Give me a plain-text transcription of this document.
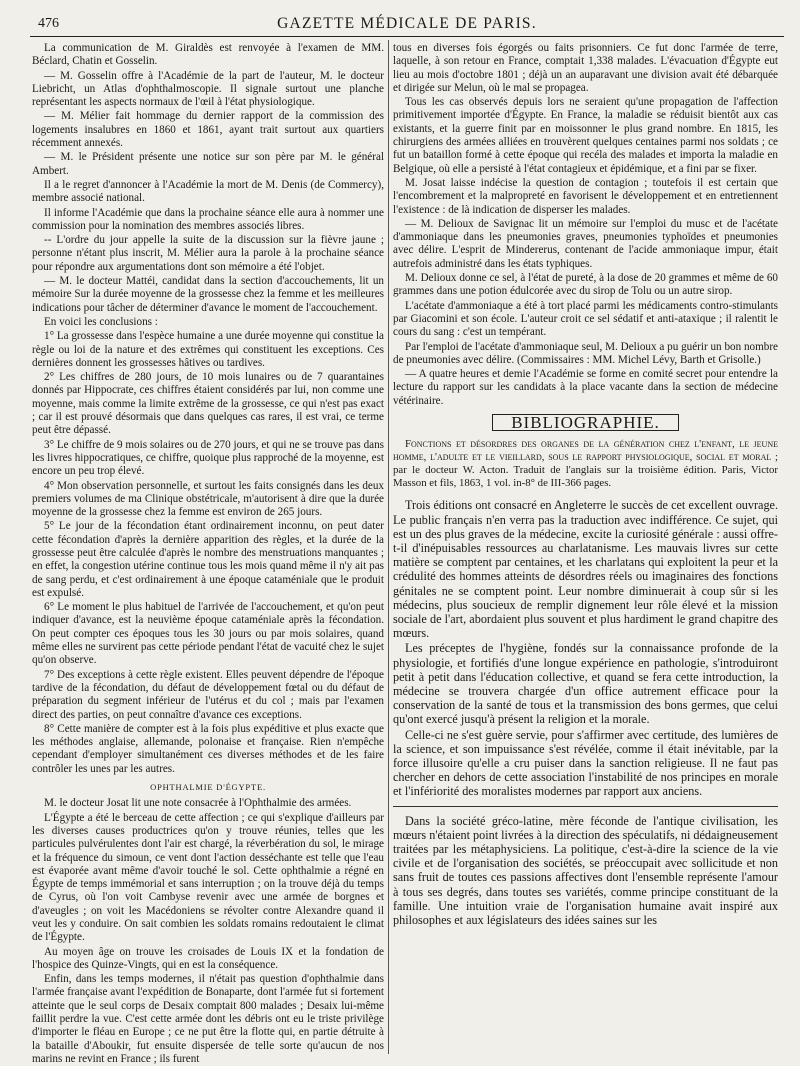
476	GAZETTE MÉDICALE DE PARIS.

La communication de M. Giraldès est renvoyée à l'examen de MM. Béclard, Chatin et Gosselin.

— M. Gosselin offre à l'Académie de la part de l'auteur, M. le docteur Liebricht, un Atlas d'ophthalmoscopie. Il signale surtout une planche représentant les aspects normaux de l'œil à l'état physiologique.

— M. Mélier fait hommage du dernier rapport de la commission des logements insalubres en 1860 et 1861, ayant trait surtout aux quartiers récemment annexés.

— M. le Président présente une notice sur son père par M. le général Ambert.

Il a le regret d'annoncer à l'Académie la mort de M. Denis (de Commercy), membre associé national.

Il informe l'Académie que dans la prochaine séance elle aura à nommer une commission pour la nomination des membres associés libres.

-- L'ordre du jour appelle la suite de la discussion sur la fièvre jaune ; personne n'étant plus inscrit, M. Mélier aura la parole à la prochaine séance pour répondre aux argumentations dont son mémoire a été l'objet.

— M. le docteur Mattéi, candidat dans la section d'accouchements, lit un mémoire Sur la durée moyenne de la grossesse chez la femme et les meilleures indications pour tâcher de déterminer d'avance le moment de l'accouchement.

En voici les conclusions :

1° La grossesse dans l'espèce humaine a une durée moyenne qui constitue la règle ou loi de la nature et des extrêmes qui constituent les exceptions. Ces dernières donnent les grossesses hâtives ou tardives.

2° Les chiffres de 280 jours, de 10 mois lunaires ou de 7 quarantaines donnés par Hippocrate, ces chiffres étaient considérés par lui, non comme une moyenne, mais comme la limite extrême de la grossesse, ce qui n'est pas exact ; car il est prouvé désormais que dans quelques cas rares, il est vrai, ce terme peut être dépassé.

3° Le chiffre de 9 mois solaires ou de 270 jours, et qui ne se trouve pas dans les livres hippocratiques, ce chiffre, quoique plus rapproché de la moyenne, est encore un peu trop élevé.

4° Mon observation personnelle, et surtout les faits consignés dans les deux premiers volumes de ma Clinique obstétricale, m'autorisent à dire que la durée moyenne de la grossesse chez la femme est environ de 265 jours.

5° Le jour de la fécondation étant ordinairement inconnu, on peut dater cette fécondation d'après la dernière apparition des règles, et la durée de la grossesse peut être calculée d'après le nombre des menstruations manquantes ; en effet, la congestion utérine continue tous les mois quand même il n'y ait pas de sang perdu, et c'est ordinairement à une époque cataméniale que le produit est expulsé.

6° Le moment le plus habituel de l'arrivée de l'accouchement, et qu'on peut indiquer d'avance, est la neuvième époque cataméniale après la fécondation. On peut compter ces époques tous les 30 jours ou par mois solaires, quand même elles ne survirent pas cette période pendant l'état de vacuité chez le sujet qu'on observe.

7° Des exceptions à cette règle existent. Elles peuvent dépendre de l'époque tardive de la fécondation, du défaut de développement fœtal ou du défaut de préparation du segment inférieur de l'utérus et du col ; mais par l'examen direct des parties, on peut connaître d'avance ces exceptions.

8° Cette manière de compter est à la fois plus expéditive et plus exacte que les méthodes anglaise, allemande, polonaise et française. Rien n'empêche cependant d'employer simultanément ces diverses méthodes et de les faire contrôler les unes par les autres.

OPHTHALMIE D'ÉGYPTE.

M. le docteur Josat lit une note consacrée à l'Ophthalmie des armées.

L'Égypte a été le berceau de cette affection ; ce qui s'explique d'ailleurs par les diverses causes productrices qu'on y trouve réunies, telles que les particules pulvérulentes dont l'air est chargé, la réverbération du sol, le mirage et la fréquence du simoun, ce vent dont l'action desséchante est telle que l'eau est évaporée avant même d'avoir touché le sol. Cette ophthalmie a régné en Égypte de temps immémorial et sans interruption ; on la trouve déjà du temps de Cyrus, où l'on voit Cambyse revenir avec une armée de borgnes et d'aveugles ; on voit les Macédoniens se révolter contre Alexandre quand il veut les y conduire. On sait combien les soldats romains redoutaient le climat de l'Égypte.

Au moyen âge on trouve les croisades de Louis IX et la fondation de l'hospice des Quinze-Vingts, qui en est la conséquence.

Enfin, dans les temps modernes, il n'était pas question d'ophthalmie dans l'armée française avant l'expédition de Bonaparte, dont l'armée fut si fortement atteinte que le seul corps de Desaix comptait 800 malades ; Desaix lui-même faillit perdre la vue. C'est cette armée dont les débris ont eu le triste privilège d'importer le fléau en Europe ; ce ne put être la flotte qui, en partie détruite à la bataille d'Aboukir, fut ensuite dispersée de telle sorte qu'aucun de nos marins ne revint en France ; ils furent

tous en diverses fois égorgés ou faits prisonniers. Ce fut donc l'armée de terre, laquelle, à son retour en France, comptait 1,338 malades. L'évacuation d'Égypte eut lieu au mois d'octobre 1801 ; déjà un an auparavant une division avait été débarquée et dirigée sur Melun, où le mal se propagea.

Tous les cas observés depuis lors ne seraient qu'une propagation de l'affection primitivement importée d'Égypte. En France, la maladie se réduisit bientôt aux cas existants, et la guerre finit par en moissonner le plus grand nombre. En 1815, les chirurgiens des armées alliées en trouvèrent quelques centaines parmi nos soldats ; ce fut un bataillon formé à cette époque qui recéla des malades et importa la maladie en Belgique, où elle a persisté à l'état contagieux et épidémique, et a fini par se fixer.

M. Josat laisse indécise la question de contagion ; toutefois il est certain que l'encombrement et la malpropreté en favorisent le développement et en entretiennent l'existence : de là indication de disperser les malades.

— M. Delioux de Savignac lit un mémoire sur l'emploi du musc et de l'acétate d'ammoniaque dans les pneumonies graves, pneumonies typhoïdes et pneumonies avec délire. L'esprit de Mindererus, contenant de l'acide ammoniaque impur, était autrefois administré dans les états typhiques.

M. Delioux donne ce sel, à l'état de pureté, à la dose de 20 grammes et même de 60 grammes dans une potion édulcorée avec du sirop de Tolu ou un autre sirop.

L'acétate d'ammoniaque a été à tort placé parmi les médicaments contro-stimulants par Giacomini et son école. L'auteur croit ce sel sédatif et anti-ataxique ; il ralentit le cours du sang : c'est un tempérant.

Par l'emploi de l'acétate d'ammoniaque seul, M. Delioux a pu guérir un bon nombre de pneumonies avec délire. (Commissaires : MM. Michel Lévy, Barth et Grisolle.)

— A quatre heures et demie l'Académie se forme en comité secret pour entendre la lecture du rapport sur les candidats à la place vacante dans la section de médecine vétérinaire.

BIBLIOGRAPHIE.

Fonctions et désordres des organes de la génération chez l'enfant, le jeune homme, l'adulte et le vieillard, sous le rapport physiologique, social et moral ; par le docteur W. Acton. Traduit de l'anglais sur la troisième édition. Paris, Victor Masson et fils, 1863, 1 vol. in-8° de III-366 pages.

Trois éditions ont consacré en Angleterre le succès de cet excellent ouvrage. Le public français n'en verra pas la traduction avec indifférence. Ce sujet, qui est un des plus graves de la médecine, excite la curiosité générale : aussi offre-t-il d'inépuisables ressources au charlatanisme. Les mauvais livres sur cette matière se comptent par centaines, et les charlatans qui exploitent la peur et la crédulité des hommes atteints de désordres réels ou imaginaires des fonctions génitales ne se comptent point. Leur nombre diminuerait à coup sûr si les médecins, plus soucieux de remplir dignement leur rôle élevé et la mission sociale de l'art, abordaient plus souvent et plus hardiment le grand chapitre des mœurs.

Les préceptes de l'hygiène, fondés sur la connaissance profonde de la physiologie, et fortifiés d'une longue expérience en pathologie, s'introduiront petit à petit dans l'éducation collective, et quand se fera cette introduction, la médecine se trouvera chargée d'un office autrement efficace pour la conservation de la santé de tous et la transmission des bons germes, que celui qu'ont exercé jusqu'à présent la religion et la morale.

Celle-ci ne s'est guère servie, pour s'affirmer avec certitude, des lumières de la science, et son impuissance s'est révélée, comme il était inévitable, par la force illusoire qu'elle a cru puiser dans la sanction religieuse. Il ne faut pas chercher en dehors de cette association l'instabilité de nos principes en morale et l'infériorité des moralistes modernes par rapport aux anciens.

Dans la société gréco-latine, mère féconde de l'antique civilisation, les mœurs n'étaient point livrées à la direction des spéculatifs, ni dédaigneusement traitées par les métaphysiciens. La politique, c'est-à-dire la science de la vie civile et de l'organisation des sociétés, se préoccupait avec sollicitude et non sans fruit de toutes ces passions affectives dont l'ensemble représente l'amour à tous ses degrés, dans toutes ses variétés, comme principe constituant de la famille. Une intuition vraie de l'organisation humaine avait inspiré aux philosophes et aux législateurs des idées saines sur les
